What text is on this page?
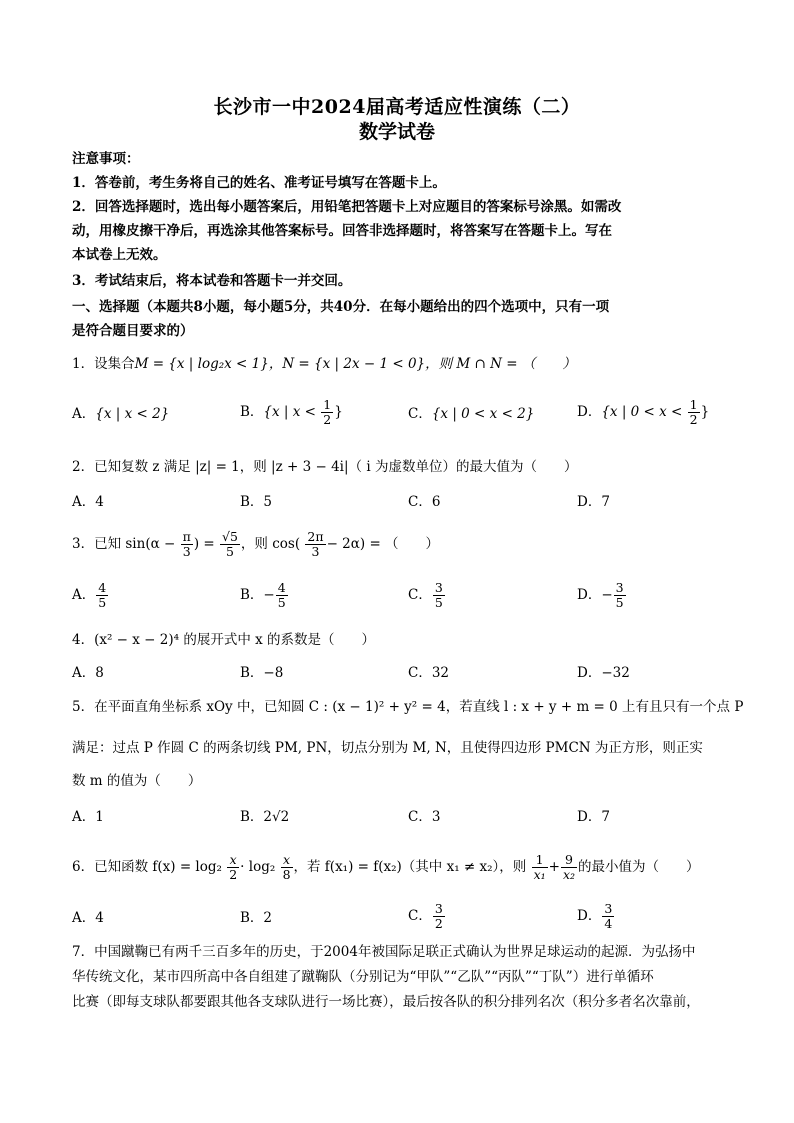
长沙市一中2024届高考适应性演练（二）
数学试卷
注意事项：
1．答卷前，考生务将自己的姓名、准考证号填写在答题卡上。
2．回答选择题时，选出每小题答案后，用铅笔把答题卡上对应题目的答案标号涂黑。如需改
动，用橡皮擦干净后，再选涂其他答案标号。回答非选择题时，将答案写在答题卡上。写在
本试卷上无效。
3．考试结束后，将本试卷和答题卡一并交回。
一、选择题（本题共8小题，每小题5分，共40分．在每小题给出的四个选项中，只有一项
是符合题目要求的）
1．设集合M = {x | log₂x < 1}，N = {x | 2x − 1 < 0}，则 M ∩ N = （　　）
A．{x | x < 2}	B．{x | $x < \frac{1}{2}$ }	C．{x | 0 < x < 2}	D．{x | $0 < x < \frac{1}{2}$ }
2．已知复数 z 满足 |z| = 1，则 |z + 3 − 4i|（ i 为虚数单位）的最大值为（　　）
A．4	B．5	C．6	D．7
3．已知 $\sin(\alpha - \frac{\pi}{3}$ ) = $\frac{√5}{5}$ ，则 $\cos( \frac{2\pi}{3} - 2\alpha)$ = （　　）
A． $\frac{4}{5}$	B．− $\frac{4}{5}$	C． $\frac{3}{5}$	D．− $\frac{3}{5}$
4．(x² − x − 2)⁴ 的展开式中 x 的系数是（　　）
A．8	B．−8	C．32	D．−32
5．在平面直角坐标系 xOy 中，已知圆 C : (x − 1)² + y² = 4，若直线 l : x + y + m = 0 上有且只有一个点 P
满足：过点 P 作圆 C 的两条切线 PM, PN，切点分别为 M, N，且使得四边形 PMCN 为正方形，则正实
数 m 的值为（　　）
A．1	B．2√2	C．3	D．7
6．已知函数 $f(x) = \log_2 \frac{x}{2} \cdot \log_2 \frac{x}{8}$ ，若 f(x₁) = f(x₂)（其中 x₁ ≠ x₂），则 $\frac{1}{\text{x₁}} + \frac{9}{\text{x₂}}$ 的最小值为（　　）
A．4	B．2	C． $\frac{3}{2}$	D． $\frac{3}{4}$
7．中国蹴鞠已有两千三百多年的历史，于2004年被国际足联正式确认为世界足球运动的起源．为弘扬中
华传统文化，某市四所高中各自组建了蹴鞠队（分别记为“甲队”“乙队”“丙队”“丁队”）进行单循环
比赛（即每支球队都要跟其他各支球队进行一场比赛），最后按各队的积分排列名次（积分多者名次靠前，
